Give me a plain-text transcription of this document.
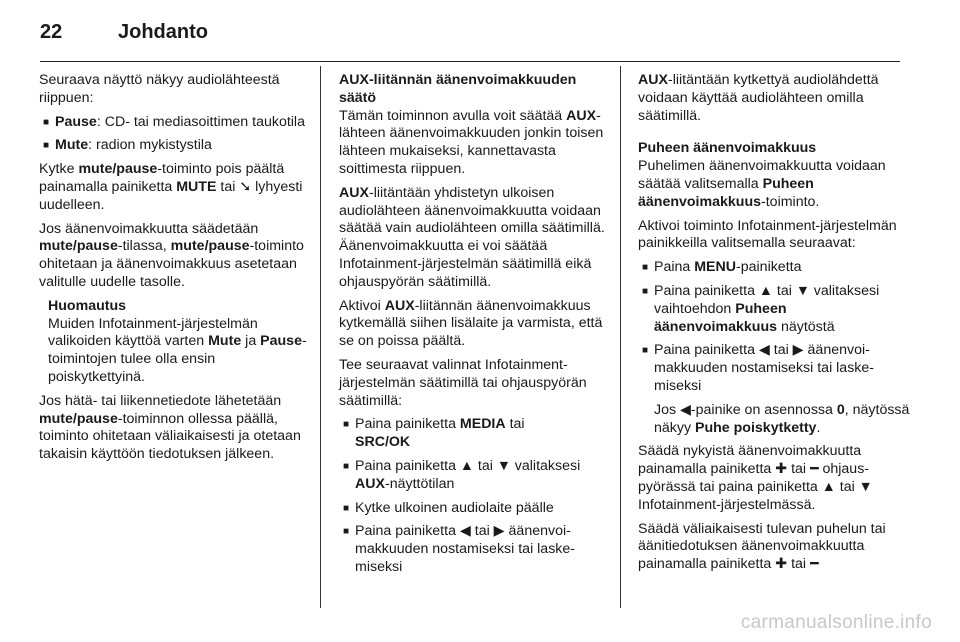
22	Johdanto

Seuraava näyttö näkyy audiolähteestä riippuen:

■ Pause: CD- tai mediasoittimen taukotila
■ Mute: radion mykistystila

Kytke mute/pause-toiminto pois päältä painamalla painiketta MUTE tai ➘ lyhyesti uudelleen.

Jos äänenvoimakkuutta säädetään mute/pause-tilassa, mute/pause-toiminto ohitetaan ja äänenvoimakkuus asetetaan valitulle uudelle tasolle.

Huomautus

Muiden Infotainment-järjestelmän valikoiden käyttöä varten Mute ja Pause-toimintojen tulee olla ensin poiskytkettyinä.

Jos hätä- tai liikennetiedote lähetetään mute/pause-toiminnon ollessa päällä, toiminto ohitetaan väliaikaisesti ja otetaan takaisin käyttöön tiedotuksen jälkeen.

AUX-liitännän äänenvoimakkuuden säätö

Tämän toiminnon avulla voit säätää AUX-lähteen äänenvoimakkuuden jonkin toisen lähteen mukaiseksi, kannettavasta soittimesta riippuen.

AUX-liitäntään yhdistetyn ulkoisen audiolähteen äänenvoimakkuutta voidaan säätää vain audiolähteen omilla säätimillä. Äänenvoimakkuutta ei voi säätää Infotainment-järjestelmän säätimillä eikä ohjauspyörän säätimillä.

Aktivoi AUX-liitännän äänenvoimakkuus kytkemällä siihen lisälaite ja varmista, että se on poissa päältä.

Tee seuraavat valinnat Infotainment-järjestelmän säätimillä tai ohjauspyörän säätimillä:

■ Paina painiketta MEDIA tai
SRC/OK
■ Paina painiketta ▲ tai ▼ valitaksesi AUX-näyttötilan
■ Kytke ulkoinen audiolaite päälle
■ Paina painiketta ◀ tai ▶ äänenvoimakkuuden nostamiseksi tai laskemiseksi

AUX-liitäntään kytkettyä audiolähdettä voidaan käyttää audiolähteen omilla säätimillä.

Puheen äänenvoimakkuus

Puhelimen äänenvoimakkuutta voidaan säätää valitsemalla Puheen äänenvoimakkuus-toiminto.

Aktivoi toiminto Infotainment-järjestelmän painikkeilla valitsemalla seuraavat:

■ Paina MENU-painiketta
■ Paina painiketta ▲ tai ▼ valitaksesi vaihtoehdon Puheen äänenvoimakkuus näytöstä
■ Paina painiketta ◀ tai ▶ äänenvoimakkuuden nostamiseksi tai laskemiseksi
Jos ◀-painike on asennossa 0, näytössä näkyy Puhe poiskytketty.

Säädä nykyistä äänenvoimakkuutta painamalla painiketta ✚ tai ━ ohjauspyörässä tai paina painiketta ▲ tai ▼ Infotainment-järjestelmässä.

Säädä väliaikaisesti tulevan puhelun tai äänitiedotuksen äänenvoimakkuutta painamalla painiketta ✚ tai ━

carmanualsonline.info
